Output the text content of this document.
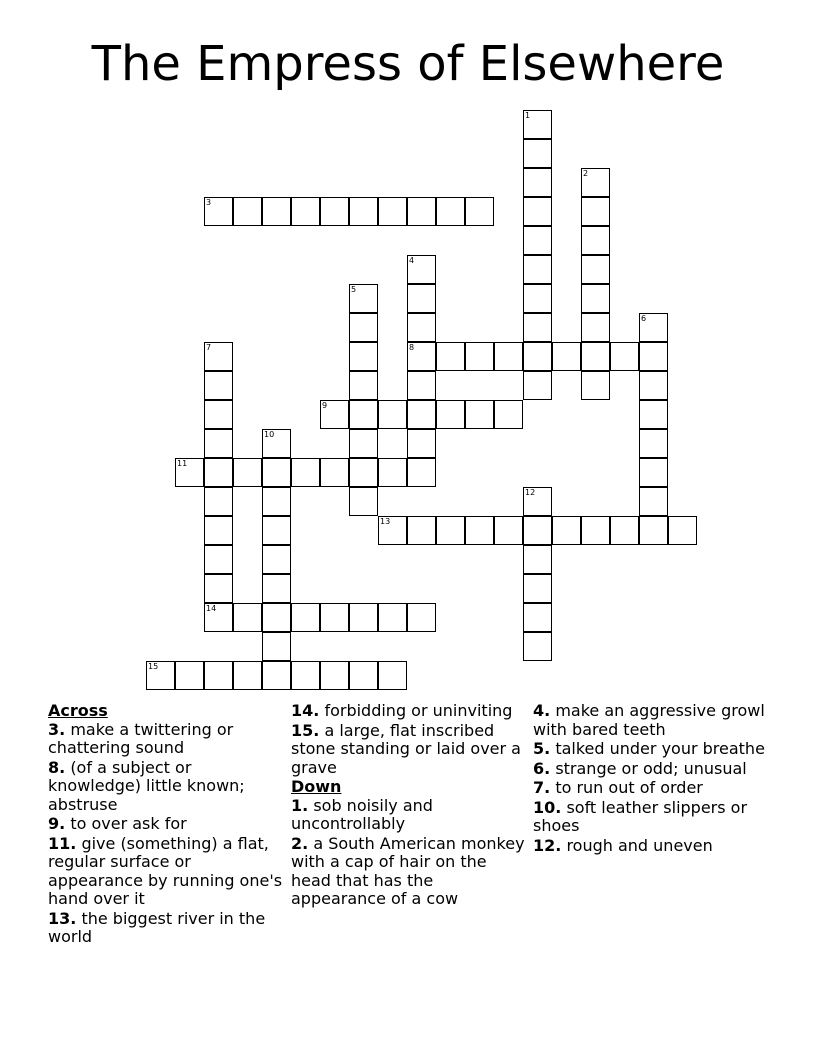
The Empress of Elsewhere
1
2
3
4
8
5
6
7
14
9
10
11
12
13
15
Across
3. make a twittering or chattering sound
8. (of a subject or knowledge) little known; abstruse
9. to over ask for
11. give (something) a flat, regular surface or appearance by running one's hand over it
13. the biggest river in the world
14. forbidding or uninviting
15. a large, flat inscribed stone standing or laid over a grave
Down
1. sob noisily and uncontrollably
2. a South American monkey with a cap of hair on the head that has the appearance of a cow
4. make an aggressive growl with bared teeth
5. talked under your breathe
6. strange or odd; unusual
7. to run out of order
10. soft leather slippers or shoes
12. rough and uneven
